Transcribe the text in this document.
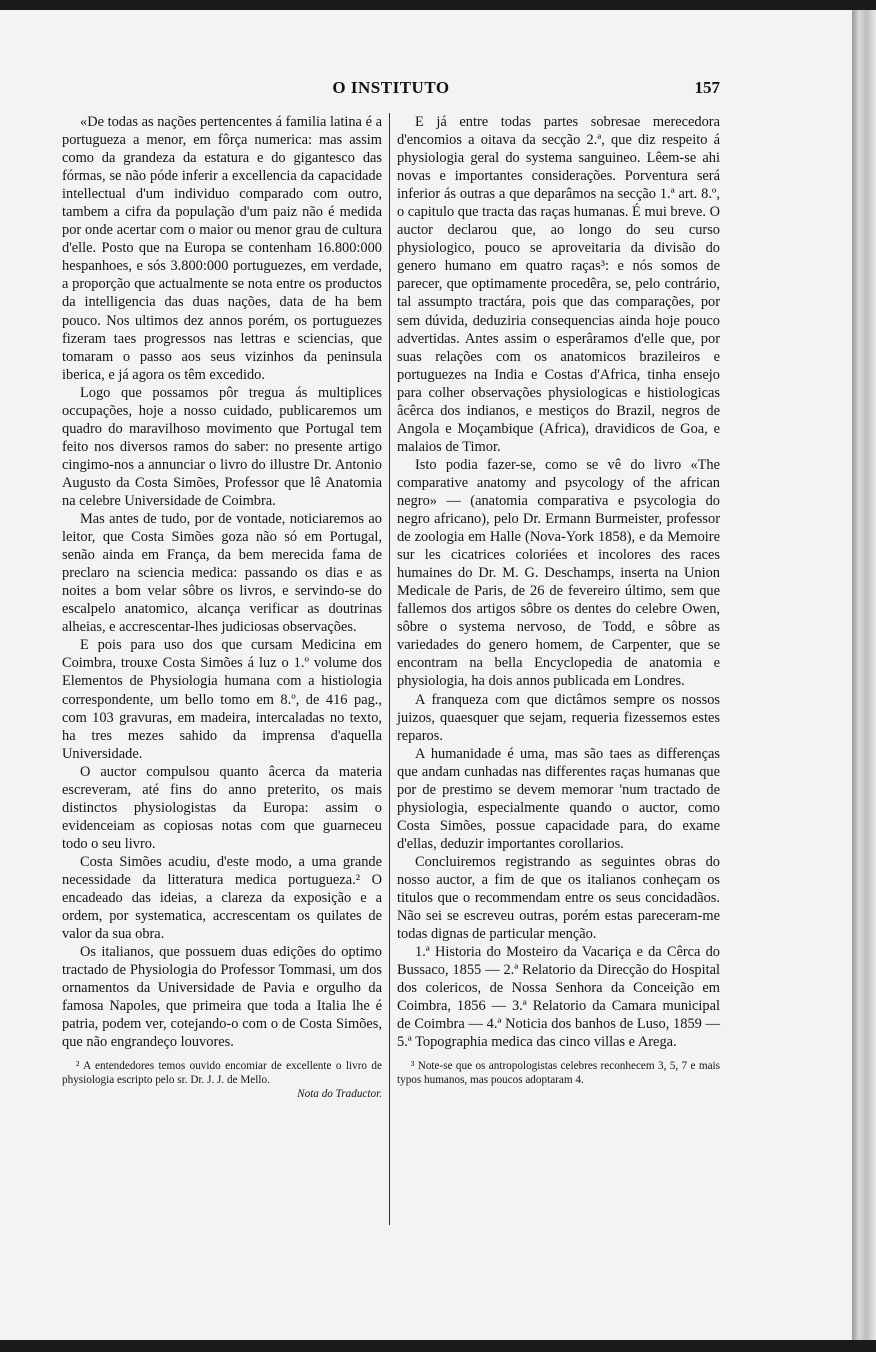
O INSTITUTO	157

«De todas as nações pertencentes á familia latina é a portugueza a menor, em fôrça numerica: mas assim como da grandeza da estatura e do gigantesco das fórmas, se não póde inferir a excellencia da capacidade intellectual d'um individuo comparado com outro, tambem a cifra da população d'um paiz não é medida por onde acertar com o maior ou menor grau de cultura d'elle. Posto que na Europa se contenham 16.800:000 hespanhoes, e sós 3.800:000 portuguezes, em verdade, a proporção que actualmente se nota entre os productos da intelligencia das duas nações, data de ha bem pouco. Nos ultimos dez annos porém, os portuguezes fizeram taes progressos nas lettras e sciencias, que tomaram o passo aos seus vizinhos da peninsula iberica, e já agora os têm excedido.

Logo que possamos pôr tregua ás multiplices occupações, hoje a nosso cuidado, publicaremos um quadro do maravilhoso movimento que Portugal tem feito nos diversos ramos do saber: no presente artigo cingimo-nos a annunciar o livro do illustre Dr. Antonio Augusto da Costa Simões, Professor que lê Anatomia na celebre Universidade de Coimbra.

Mas antes de tudo, por de vontade, noticiaremos ao leitor, que Costa Simões goza não só em Portugal, senão ainda em França, da bem merecida fama de preclaro na sciencia medica: passando os dias e as noites a bom velar sôbre os livros, e servindo-se do escalpelo anatomico, alcança verificar as doutrinas alheias, e accrescentar-lhes judiciosas observações.

E pois para uso dos que cursam Medicina em Coimbra, trouxe Costa Simões á luz o 1.º volume dos Elementos de Physiologia humana com a histiologia correspondente, um bello tomo em 8.º, de 416 pag., com 103 gravuras, em madeira, intercaladas no texto, ha tres mezes sahido da imprensa d'aquella Universidade.

O auctor compulsou quanto âcerca da materia escreveram, até fins do anno preterito, os mais distinctos physiologistas da Europa: assim o evidenceiam as copiosas notas com que guarneceu todo o seu livro.

Costa Simões acudiu, d'este modo, a uma grande necessidade da litteratura medica portugueza.² O encadeado das ideias, a clareza da exposição e a ordem, por systematica, accrescentam os quilates de valor da sua obra.

Os italianos, que possuem duas edições do optimo tractado de Physiologia do Professor Tommasi, um dos ornamentos da Universidade de Pavia e orgulho da famosa Napoles, que primeira que toda a Italia lhe é patria, podem ver, cotejando-o com o de Costa Simões, que não engrandeço louvores.

² A entendedores temos ouvido encomiar de excellente o livro de physiologia escripto pelo sr. Dr. J. J. de Mello.

Nota do Traductor.

E já entre todas partes sobresae merecedora d'encomios a oitava da secção 2.ª, que diz respeito á physiologia geral do systema sanguineo. Lêem-se ahi novas e importantes considerações. Porventura será inferior ás outras a que deparâmos na secção 1.ª art. 8.º, o capitulo que tracta das raças humanas. É mui breve. O auctor declarou que, ao longo do seu curso physiologico, pouco se aproveitaria da divisão do genero humano em quatro raças³: e nós somos de parecer, que optimamente procedêra, se, pelo contrário, tal assumpto tractára, pois que das comparações, por sem dúvida, deduziria consequencias ainda hoje pouco advertidas. Antes assim o esperâramos d'elle que, por suas relações com os anatomicos brazileiros e portuguezes na India e Costas d'Africa, tinha ensejo para colher observações physiologicas e histiologicas âcêrca dos indianos, e mestiços do Brazil, negros de Angola e Moçambique (Africa), dravidicos de Goa, e malaios de Timor.

Isto podia fazer-se, como se vê do livro «The comparative anatomy and psycology of the african negro» — (anatomia comparativa e psycologia do negro africano), pelo Dr. Ermann Burmeister, professor de zoologia em Halle (Nova-York 1858), e da Memoire sur les cicatrices coloriées et incolores des races humaines do Dr. M. G. Deschamps, inserta na Union Medicale de Paris, de 26 de fevereiro último, sem que fallemos dos artigos sôbre os dentes do celebre Owen, sôbre o systema nervoso, de Todd, e sôbre as variedades do genero homem, de Carpenter, que se encontram na bella Encyclopedia de anatomia e physiologia, ha dois annos publicada em Londres.

A franqueza com que dictâmos sempre os nossos juizos, quaesquer que sejam, requeria fizessemos estes reparos.

A humanidade é uma, mas são taes as differenças que andam cunhadas nas differentes raças humanas que por de prestimo se devem memorar 'num tractado de physiologia, especialmente quando o auctor, como Costa Simões, possue capacidade para, do exame d'ellas, deduzir importantes corollarios.

Concluiremos registrando as seguintes obras do nosso auctor, a fim de que os italianos conheçam os titulos que o recommendam entre os seus concidadãos. Não sei se escreveu outras, porém estas pareceram-me todas dignas de particular menção.

1.ª Historia do Mosteiro da Vacariça e da Cêrca do Bussaco, 1855 — 2.ª Relatorio da Direcção do Hospital dos colericos, de Nossa Senhora da Conceição em Coimbra, 1856 — 3.ª Relatorio da Camara municipal de Coimbra — 4.ª Noticia dos banhos de Luso, 1859 — 5.ª Topographia medica das cinco villas e Arega.

³ Note-se que os antropologistas celebres reconhecem 3, 5, 7 e mais typos humanos, mas poucos adoptaram 4.
